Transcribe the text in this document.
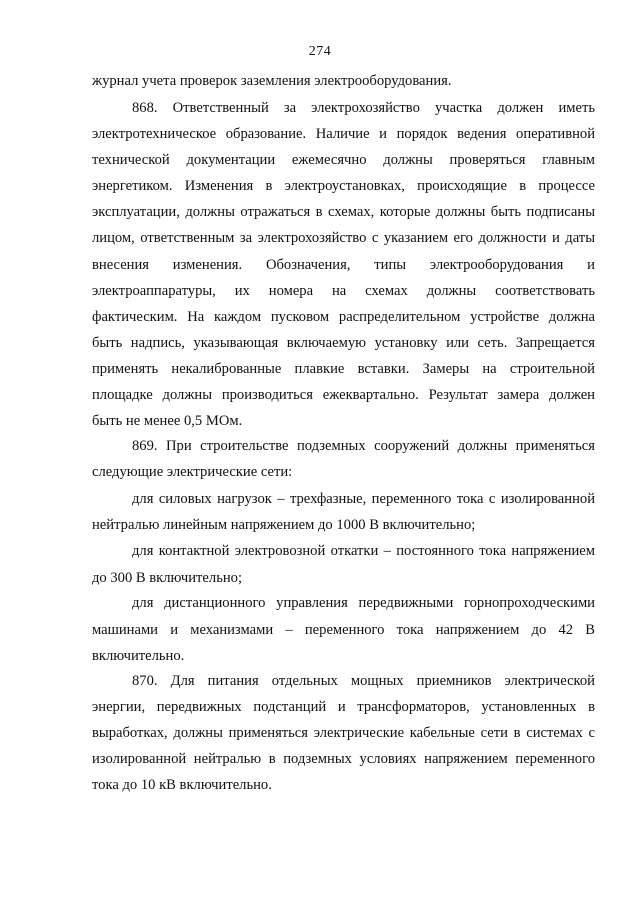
274
журнал учета проверок заземления электрооборудования.
868. Ответственный за электрохозяйство участка должен иметь
электротехническое образование. Наличие и порядок ведения оперативной
технической документации ежемесячно должны проверяться главным
энергетиком. Изменения в электроустановках, происходящие в процессе
эксплуатации, должны отражаться в схемах, которые должны быть подписаны
лицом, ответственным за электрохозяйство с указанием его должности и даты
внесения изменения. Обозначения, типы электрооборудования и
электроаппаратуры, их номера на схемах должны соответствовать
фактическим. На каждом пусковом распределительном устройстве должна
быть надпись, указывающая включаемую установку или сеть. Запрещается
применять некалиброванные плавкие вставки. Замеры на строительной
площадке должны производиться ежеквартально. Результат замера должен
быть не менее 0,5 МОм.
869. При строительстве подземных сооружений должны применяться
следующие электрические сети:
для силовых нагрузок – трехфазные, переменного тока с изолированной
нейтралью линейным напряжением до 1000 В включительно;
для контактной электровозной откатки – постоянного тока напряжением
до 300 В включительно;
для дистанционного управления передвижными горнопроходческими
машинами и механизмами – переменного тока напряжением до 42 В
включительно.
870. Для питания отдельных мощных приемников электрической
энергии, передвижных подстанций и трансформаторов, установленных в
выработках, должны применяться электрические кабельные сети в системах с
изолированной нейтралью в подземных условиях напряжением переменного
тока до 10 кВ включительно.
